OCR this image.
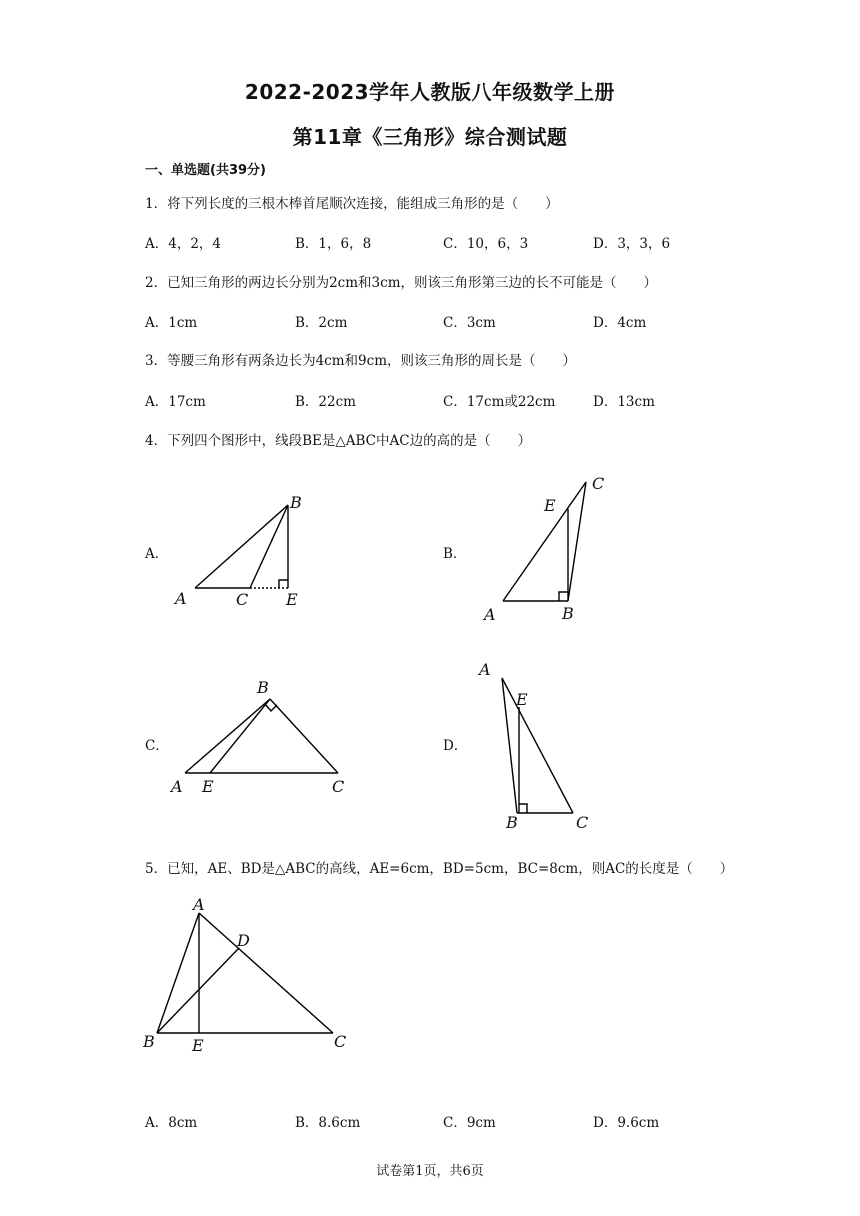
2022-2023学年人教版八年级数学上册
第11章《三角形》综合测试题
一、单选题(共39分)
1．将下列长度的三根木棒首尾顺次连接，能组成三角形的是（　　）
A．4，2，4	B．1，6，8	C．10，6，3	D．3，3，6
2．已知三角形的两边长分别为2cm和3cm，则该三角形第三边的长不可能是（　　）
A．1cm	B．2cm	C．3cm	D．4cm
3．等腰三角形有两条边长为4cm和9cm，则该三角形的周长是（　　）
A．17cm	B．22cm	C．17cm或22cm	D．13cm
4．下列四个图形中，线段BE是△ABC中AC边的高的是（　　）
A．	B．
C．	D．
A
B
C E
A	B
C
E
A
B
C
E
A
B	C
E
5．已知，AE、BD是△ABC的高线，AE=6cm，BD=5cm，BC=8cm，则AC的长度是（　　）
A
B	C
D
E
A．8cm	B．8.6cm	C．9cm	D．9.6cm
试卷第1页，共6页
